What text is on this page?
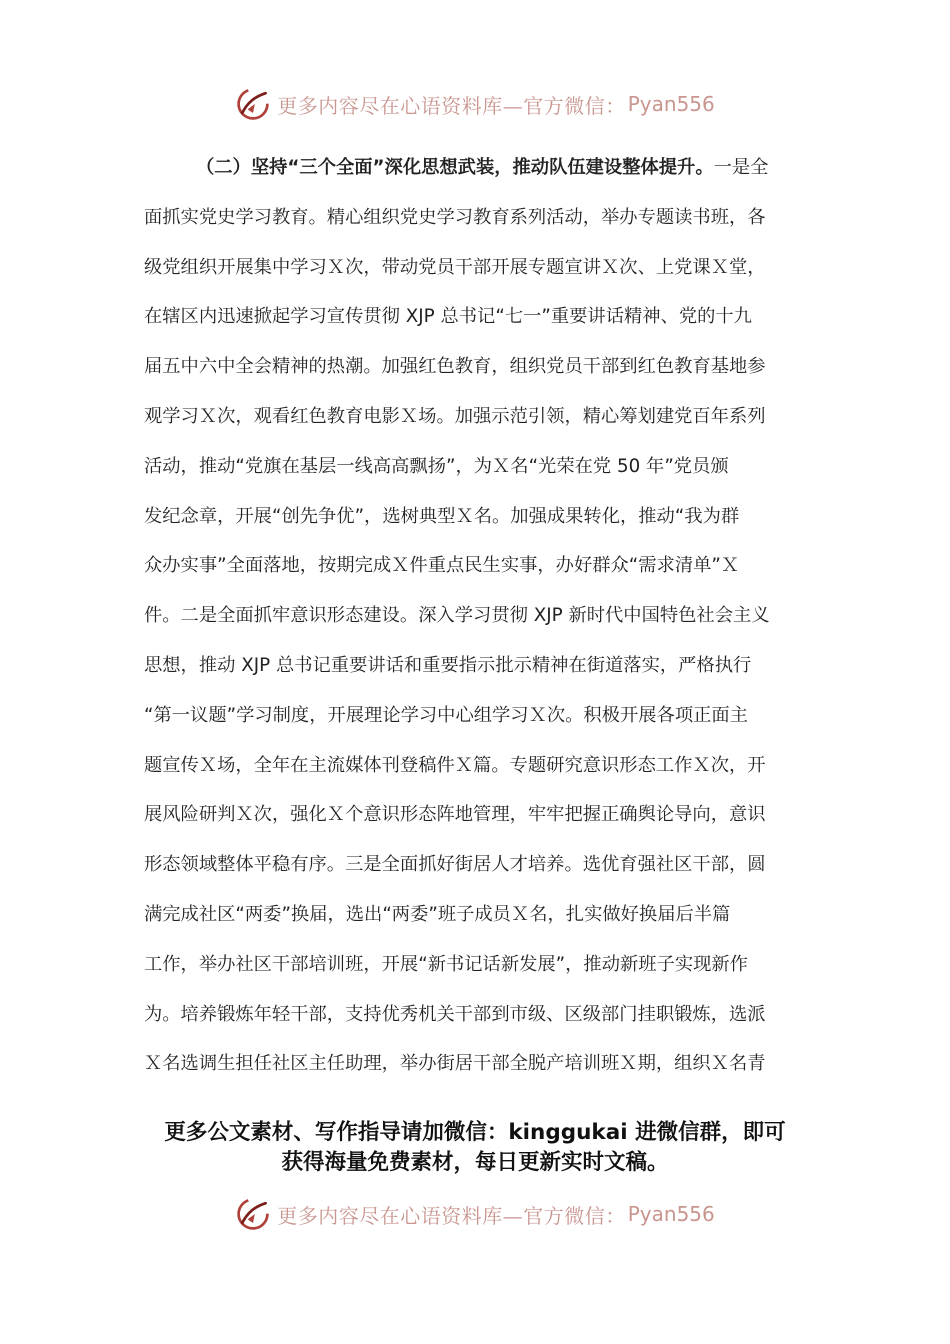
更多内容尽在心语资料库—官方微信： Pyan556
（二）坚持“三个全面”深化思想武装，推动队伍建设整体提升。一是全
面抓实党史学习教育。精心组织党史学习教育系列活动，举办专题读书班，各
级党组织开展集中学习Ｘ次，带动党员干部开展专题宣讲Ｘ次、上党课Ｘ堂，
在辖区内迅速掀起学习宣传贯彻 XJP 总书记“七一”重要讲话精神、党的十九
届五中六中全会精神的热潮。加强红色教育，组织党员干部到红色教育基地参
观学习Ｘ次，观看红色教育电影Ｘ场。加强示范引领，精心筹划建党百年系列
活动，推动“党旗在基层一线高高飘扬”，为Ｘ名“光荣在党 50 年”党员颁
发纪念章，开展“创先争优”，选树典型Ｘ名。加强成果转化，推动“我为群
众办实事”全面落地，按期完成Ｘ件重点民生实事，办好群众“需求清单”Ｘ
件。二是全面抓牢意识形态建设。深入学习贯彻 XJP 新时代中国特色社会主义
思想，推动 XJP 总书记重要讲话和重要指示批示精神在街道落实，严格执行
“第一议题”学习制度，开展理论学习中心组学习Ｘ次。积极开展各项正面主
题宣传Ｘ场，全年在主流媒体刊登稿件Ｘ篇。专题研究意识形态工作Ｘ次，开
展风险研判Ｘ次，强化Ｘ个意识形态阵地管理，牢牢把握正确舆论导向，意识
形态领域整体平稳有序。三是全面抓好街居人才培养。选优育强社区干部，圆
满完成社区“两委”换届，选出“两委”班子成员Ｘ名，扎实做好换届后半篇
工作，举办社区干部培训班，开展“新书记话新发展”，推动新班子实现新作
为。培养锻炼年轻干部，支持优秀机关干部到市级、区级部门挂职锻炼，选派
Ｘ名选调生担任社区主任助理，举办街居干部全脱产培训班Ｘ期，组织Ｘ名青
更多公文素材、写作指导请加微信：kinggukai 进微信群，即可
获得海量免费素材，每日更新实时文稿。
更多内容尽在心语资料库—官方微信： Pyan556
